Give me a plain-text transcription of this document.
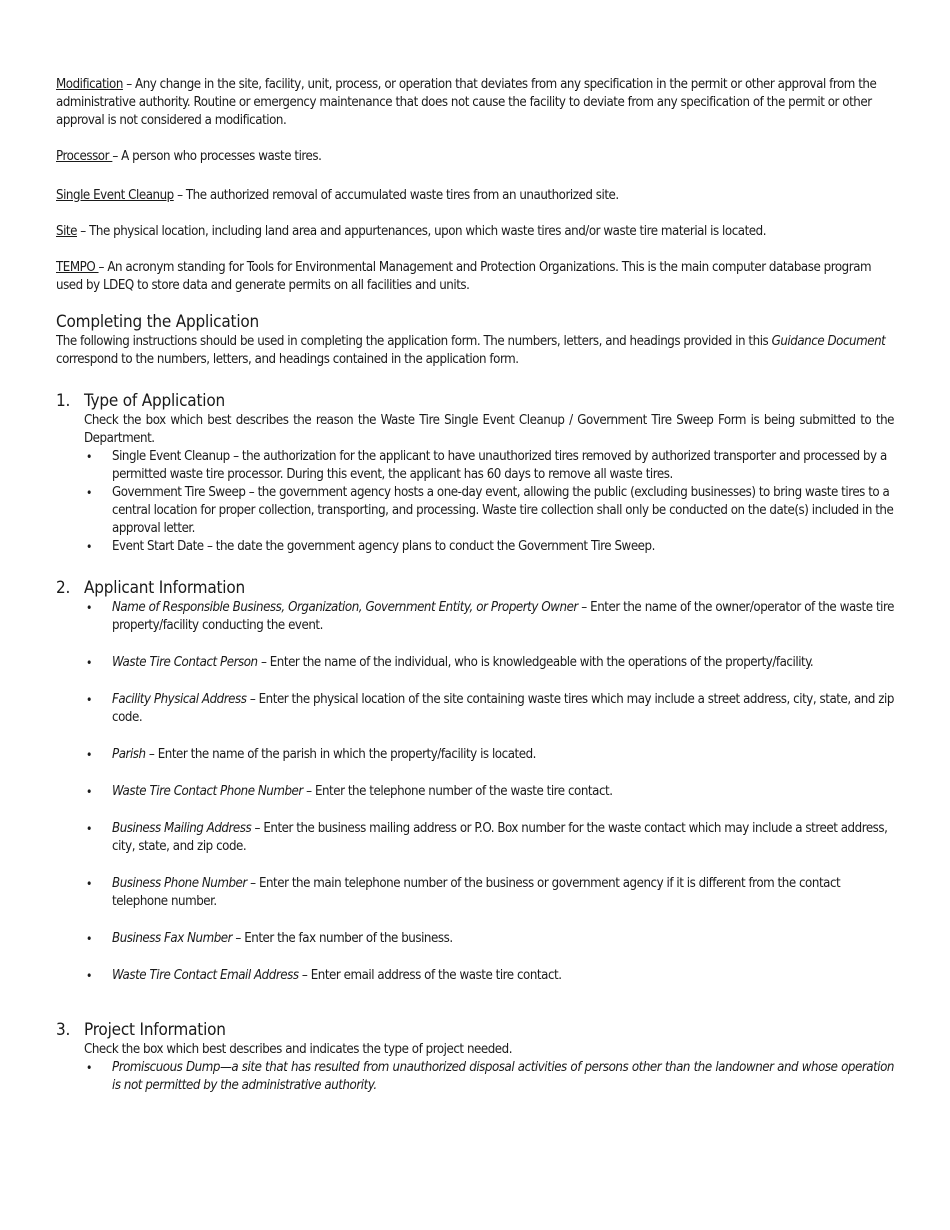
Modification – Any change in the site, facility, unit, process, or operation that deviates from any specification in the permit or other approval from the administrative authority. Routine or emergency maintenance that does not cause the facility to deviate from any specification of the permit or other approval is not considered a modification.

Processor – A person who processes waste tires.

Single Event Cleanup – The authorized removal of accumulated waste tires from an unauthorized site.

Site – The physical location, including land area and appurtenances, upon which waste tires and/or waste tire material is located.

TEMPO – An acronym standing for Tools for Environmental Management and Protection Organizations. This is the main computer database program used by LDEQ to store data and generate permits on all facilities and units.

Completing the Application

The following instructions should be used in completing the application form. The numbers, letters, and headings provided in this Guidance Document correspond to the numbers, letters, and headings contained in the application form.

1. Type of Application

Check the box which best describes the reason the Waste Tire Single Event Cleanup / Government Tire Sweep Form is being submitted to the Department.

• Single Event Cleanup – the authorization for the applicant to have unauthorized tires removed by authorized transporter and processed by a permitted waste tire processor. During this event, the applicant has 60 days to remove all waste tires.
• Government Tire Sweep – the government agency hosts a one-day event, allowing the public (excluding businesses) to bring waste tires to a central location for proper collection, transporting, and processing. Waste tire collection shall only be conducted on the date(s) included in the approval letter.
• Event Start Date – the date the government agency plans to conduct the Government Tire Sweep.
2. Applicant Information
• Name of Responsible Business, Organization, Government Entity, or Property Owner – Enter the name of the owner/operator of the waste tire property/facility conducting the event.
• Waste Tire Contact Person – Enter the name of the individual, who is knowledgeable with the operations of the property/facility.
• Facility Physical Address – Enter the physical location of the site containing waste tires which may include a street address, city, state, and zip code.
• Parish – Enter the name of the parish in which the property/facility is located.
• Waste Tire Contact Phone Number – Enter the telephone number of the waste tire contact.
• Business Mailing Address – Enter the business mailing address or P.O. Box number for the waste contact which may include a street address, city, state, and zip code.
• Business Phone Number – Enter the main telephone number of the business or government agency if it is different from the contact telephone number.
• Business Fax Number – Enter the fax number of the business.
• Waste Tire Contact Email Address – Enter email address of the waste tire contact.
3. Project Information

Check the box which best describes and indicates the type of project needed.

• Promiscuous Dump—a site that has resulted from unauthorized disposal activities of persons other than the landowner and whose operation is not permitted by the administrative authority.
